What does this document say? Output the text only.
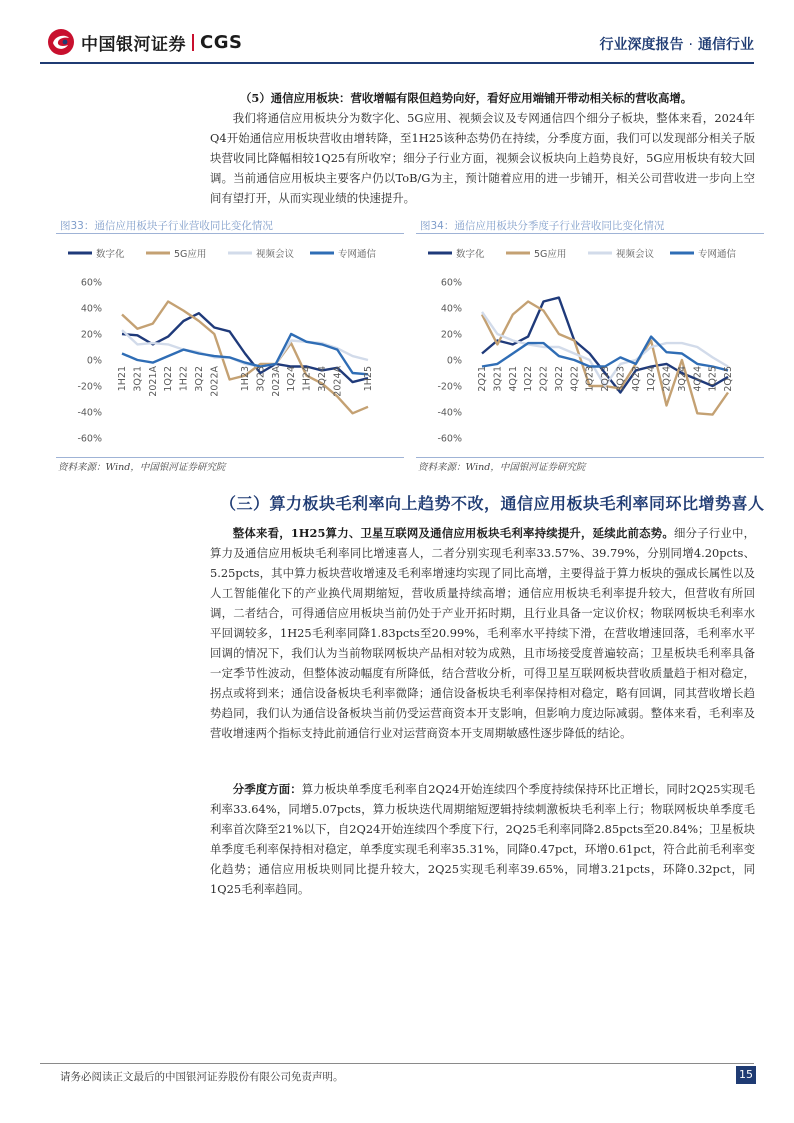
中国银河证券 CGS	行业深度报告 · 通信行业
（5）通信应用板块：营收增幅有限但趋势向好，看好应用端铺开带动相关标的营收高增。
我们将通信应用板块分为数字化、5G应用、视频会议及专网通信四个细分子板块，整体来看，2024年Q4开始通信应用板块营收由增转降，至1H25该种态势仍在持续，分季度方面，我们可以发现部分相关子版块营收同比降幅相较1Q25有所收窄；细分子行业方面，视频会议板块向上趋势良好，5G应用板块有较大回调。当前通信应用板块主要客户仍以ToB/G为主，预计随着应用的进一步铺开，相关公司营收进一步向上空间有望打开，从而实现业绩的快速提升。
图33：通信应用板块子行业营收同比变化情况
数字化	5G应用	视频会议	专网通信
60%
40%
20%
0%
-20%
-40%
-60%
1H21 3Q21 2021A 1Q22 1H22 3Q22 2022A 1H23 3Q23 2023A 1Q24 1H24 3Q24 2024A 1H25
资料来源：Wind，中国银河证券研究院
图34：通信应用板块分季度子行业营收同比变化情况
数字化	5G应用	视频会议	专网通信
60%
40%
20%
0%
-20%
-40%
-60%
2Q21 3Q21 4Q21 1Q22 2Q22 3Q22 4Q22 1Q23 2Q23 3Q23 4Q23 1Q24 2Q24 3Q24 4Q24 1Q25 2Q25
资料来源：Wind，中国银河证券研究院
（三）算力板块毛利率向上趋势不改，通信应用板块毛利率同环比增势喜人
整体来看，1H25算力、卫星互联网及通信应用板块毛利率持续提升，延续此前态势。细分子行业中，算力及通信应用板块毛利率同比增速喜人，二者分别实现毛利率33.57%、39.79%，分别同增4.20pcts、5.25pcts，其中算力板块营收增速及毛利率增速均实现了同比高增，主要得益于算力板块的强成长属性以及人工智能催化下的产业换代周期缩短，营收质量持续高增；通信应用板块毛利率提升较大，但营收有所回调，二者结合，可得通信应用板块当前仍处于产业开拓时期，且行业具备一定议价权；物联网板块毛利率水平回调较多，1H25毛利率同降1.83pcts至20.99%，毛利率水平持续下滑，在营收增速回落，毛利率水平回调的情况下，我们认为当前物联网板块产品相对较为成熟，且市场接受度普遍较高；卫星板块毛利率具备一定季节性波动，但整体波动幅度有所降低，结合营收分析，可得卫星互联网板块营收质量趋于相对稳定，拐点或将到来；通信设备板块毛利率微降；通信设备板块毛利率保持相对稳定，略有回调，同其营收增长趋势趋同，我们认为通信设备板块当前仍受运营商资本开支影响，但影响力度边际减弱。整体来看，毛利率及营收增速两个指标支持此前通信行业对运营商资本开支周期敏感性逐步降低的结论。
分季度方面：算力板块单季度毛利率自2Q24开始连续四个季度持续保持环比正增长，同时2Q25实现毛利率33.64%，同增5.07pcts，算力板块迭代周期缩短逻辑持续刺激板块毛利率上行；物联网板块单季度毛利率首次降至21%以下，自2Q24开始连续四个季度下行，2Q25毛利率同降2.85pcts至20.84%；卫星板块单季度毛利率保持相对稳定，单季度实现毛利率35.31%，同降0.47pct，环增0.61pct，符合此前毛利率变化趋势；通信应用板块则同比提升较大，2Q25实现毛利率39.65%，同增3.21pcts，环降0.32pct，同1Q25毛利率趋同。
请务必阅读正文最后的中国银河证券股份有限公司免责声明。	15
